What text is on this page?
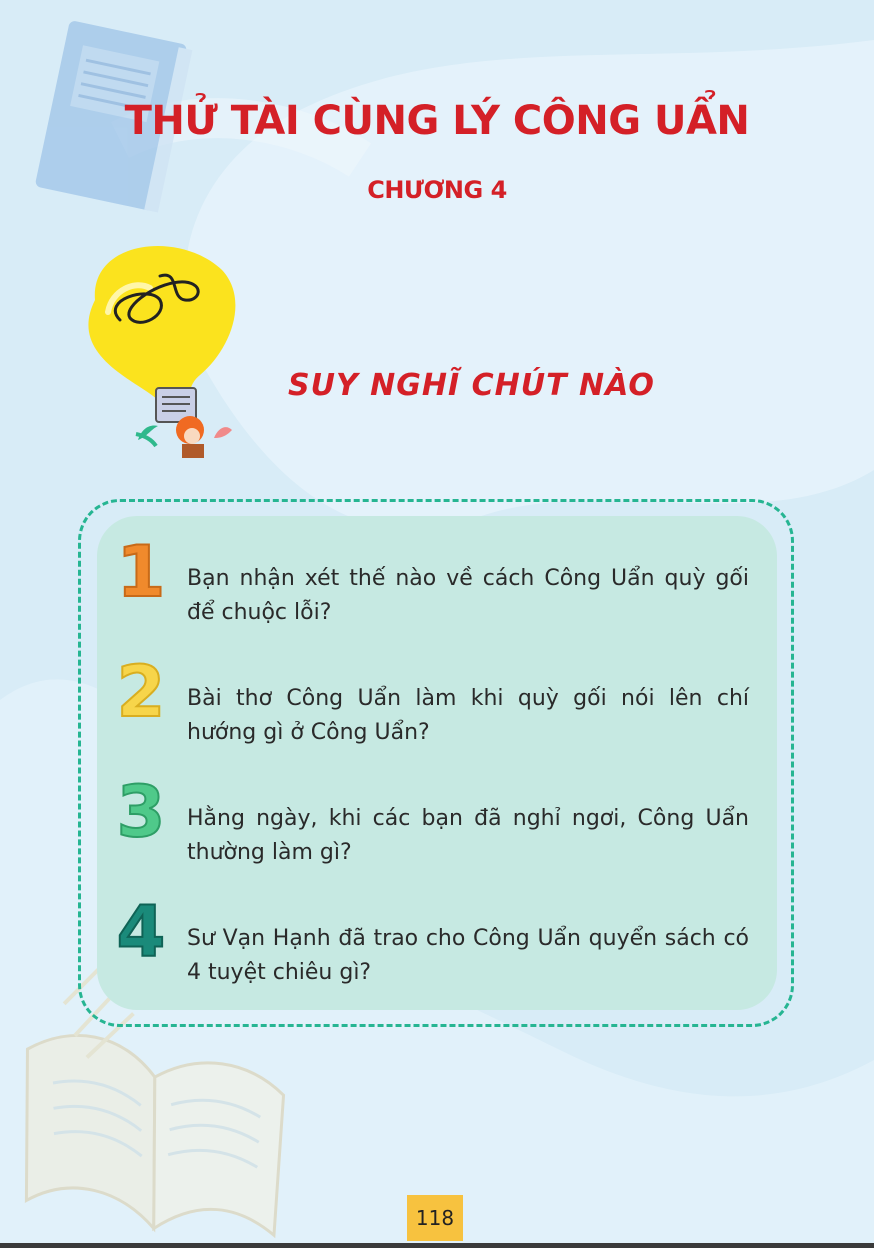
THỬ TÀI CÙNG LÝ CÔNG UẨN
CHƯƠNG 4
SUY NGHĨ CHÚT NÀO
1 Bạn nhận xét thế nào về cách Công Uẩn quỳ gối để chuộc lỗi?

2 Bài thơ Công Uẩn làm khi quỳ gối nói lên chí hướng gì ở Công Uẩn?

3 Hằng ngày, khi các bạn đã nghỉ ngơi, Công Uẩn thường làm gì?

4 Sư Vạn Hạnh đã trao cho Công Uẩn quyển sách có 4 tuyệt chiêu gì?

118
